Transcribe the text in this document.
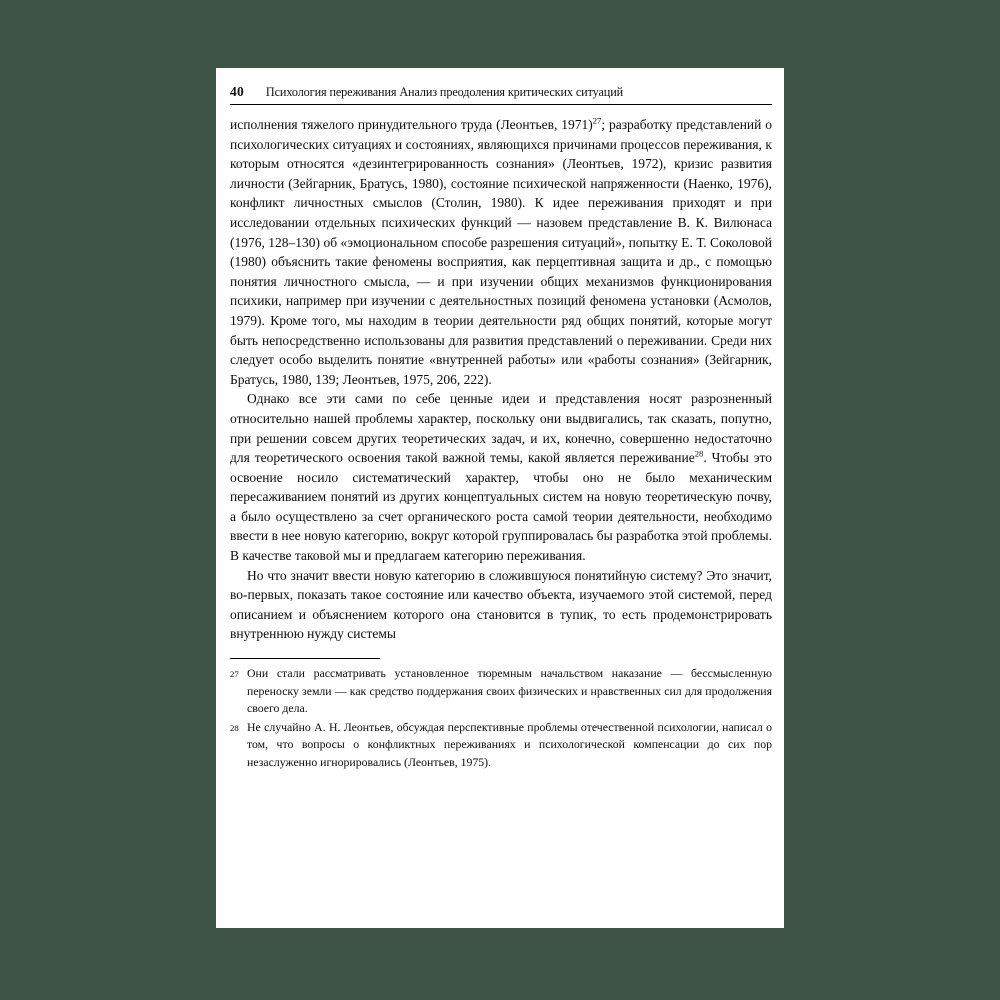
40 Психология переживания Анализ преодоления критических ситуаций

исполнения тяжелого принудительного труда (Леонтьев, 1971)$^{27}$; разработку представлений о психологических ситуациях и состояниях, являющихся причинами процессов переживания, к которым относятся «дезинтегрированность сознания» (Леонтьев, 1972), кризис развития личности (Зейгарник, Братусь, 1980), состояние психической напряженности (Наенко, 1976), конфликт личностных смыслов (Столин, 1980). К идее переживания приходят и при исследовании отдельных психических функций — назовем представление В. К. Вилюнаса (1976, 128–130) об «эмоциональном способе разрешения ситуаций», попытку Е. Т. Соколовой (1980) объяснить такие феномены восприятия, как перцептивная защита и др., с помощью понятия личностного смысла, — и при изучении общих механизмов функционирования психики, например при изучении с деятельностных позиций феномена установки (Асмолов, 1979). Кроме того, мы находим в теории деятельности ряд общих понятий, которые могут быть непосредственно использованы для развития представлений о переживании. Среди них следует особо выделить понятие «внутренней работы» или «работы сознания» (Зейгарник, Братусь, 1980, 139; Леонтьев, 1975, 206, 222).

Однако все эти сами по себе ценные идеи и представления носят разрозненный относительно нашей проблемы характер, поскольку они выдвигались, так сказать, попутно, при решении совсем других теоретических задач, и их, конечно, совершенно недостаточно для теоретического освоения такой важной темы, какой является переживание$^{28}$. Чтобы это освоение носило систематический характер, чтобы оно не было механическим пересаживанием понятий из других концептуальных систем на новую теоретическую почву, а было осуществлено за счет органического роста самой теории деятельности, необходимо ввести в нее новую категорию, вокруг которой группировалась бы разработка этой проблемы. В качестве таковой мы и предлагаем категорию переживания.

Но что значит ввести новую категорию в сложившуюся понятийную систему? Это значит, во-первых, показать такое состояние или качество объекта, изучаемого этой системой, перед описанием и объяснением которого она становится в тупик, то есть продемонстрировать внутреннюю нужду системы

27 Они стали рассматривать установленное тюремным начальством наказание — бессмысленную переноску земли — как средство поддержания своих физических и нравственных сил для продолжения своего дела.
28 Не случайно А. Н. Леонтьев, обсуждая перспективные проблемы отечественной психологии, написал о том, что вопросы о конфликтных переживаниях и психологической компенсации до сих пор незаслуженно игнорировались (Леонтьев, 1975).
